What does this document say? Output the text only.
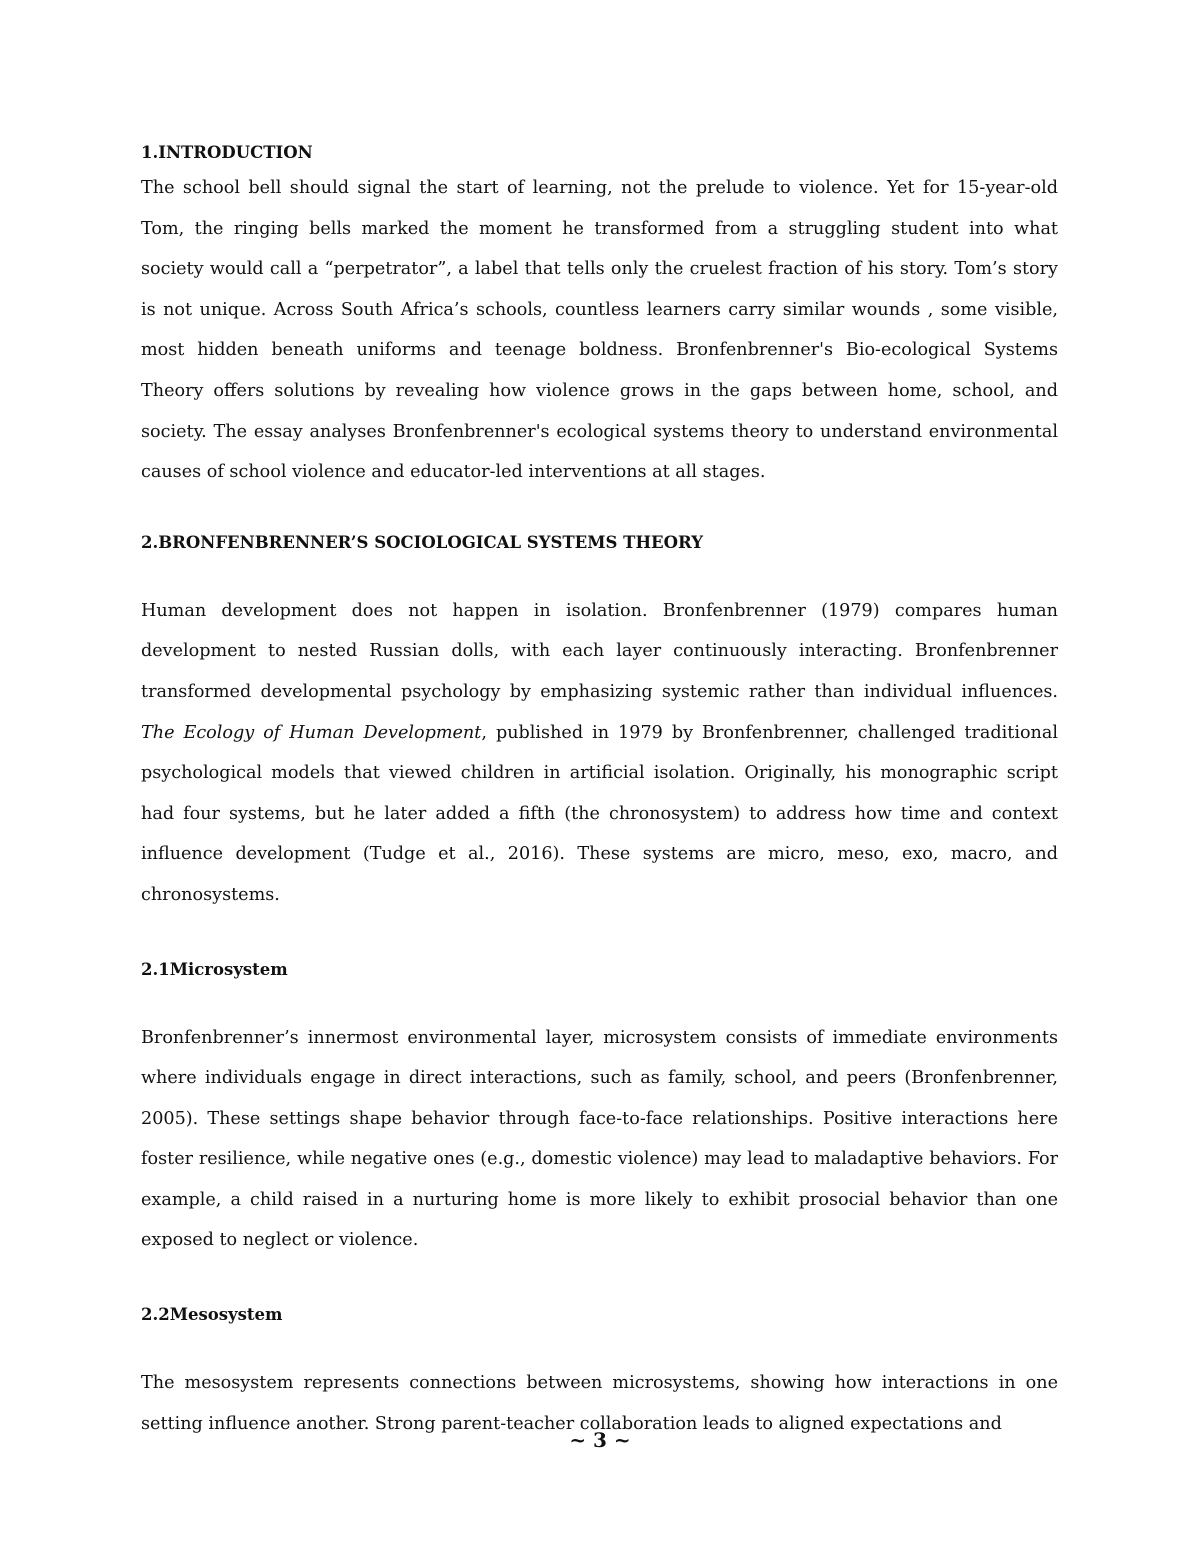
1.INTRODUCTION

The school bell should signal the start of learning, not the prelude to violence. Yet for 15-year-old Tom, the ringing bells marked the moment he transformed from a struggling student into what society would call a “perpetrator”, a label that tells only the cruelest fraction of his story. Tom’s story is not unique. Across South Africa’s schools, countless learners carry similar wounds , some visible, most hidden beneath uniforms and teenage boldness. Bronfenbrenner's Bio-ecological Systems Theory offers solutions by revealing how violence grows in the gaps between home, school, and society. The essay analyses Bronfenbrenner's ecological systems theory to understand environmental causes of school violence and educator-led interventions at all stages.

2.BRONFENBRENNER’S SOCIOLOGICAL SYSTEMS THEORY

Human development does not happen in isolation. Bronfenbrenner (1979) compares human development to nested Russian dolls, with each layer continuously interacting. Bronfenbrenner transformed developmental psychology by emphasizing systemic rather than individual influences. The Ecology of Human Development, published in 1979 by Bronfenbrenner, challenged traditional psychological models that viewed children in artificial isolation. Originally, his monographic script had four systems, but he later added a fifth (the chronosystem) to address how time and context influence development (Tudge et al., 2016). These systems are micro, meso, exo, macro, and chronosystems.

2.1Microsystem

Bronfenbrenner’s innermost environmental layer, microsystem consists of immediate environments where individuals engage in direct interactions, such as family, school, and peers (Bronfenbrenner, 2005). These settings shape behavior through face-to-face relationships. Positive interactions here foster resilience, while negative ones (e.g., domestic violence) may lead to maladaptive behaviors. For example, a child raised in a nurturing home is more likely to exhibit prosocial behavior than one exposed to neglect or violence.

2.2Mesosystem

The mesosystem represents connections between microsystems, showing how interactions in one setting influence another. Strong parent-teacher collaboration leads to aligned expectations and

~ 3 ~
